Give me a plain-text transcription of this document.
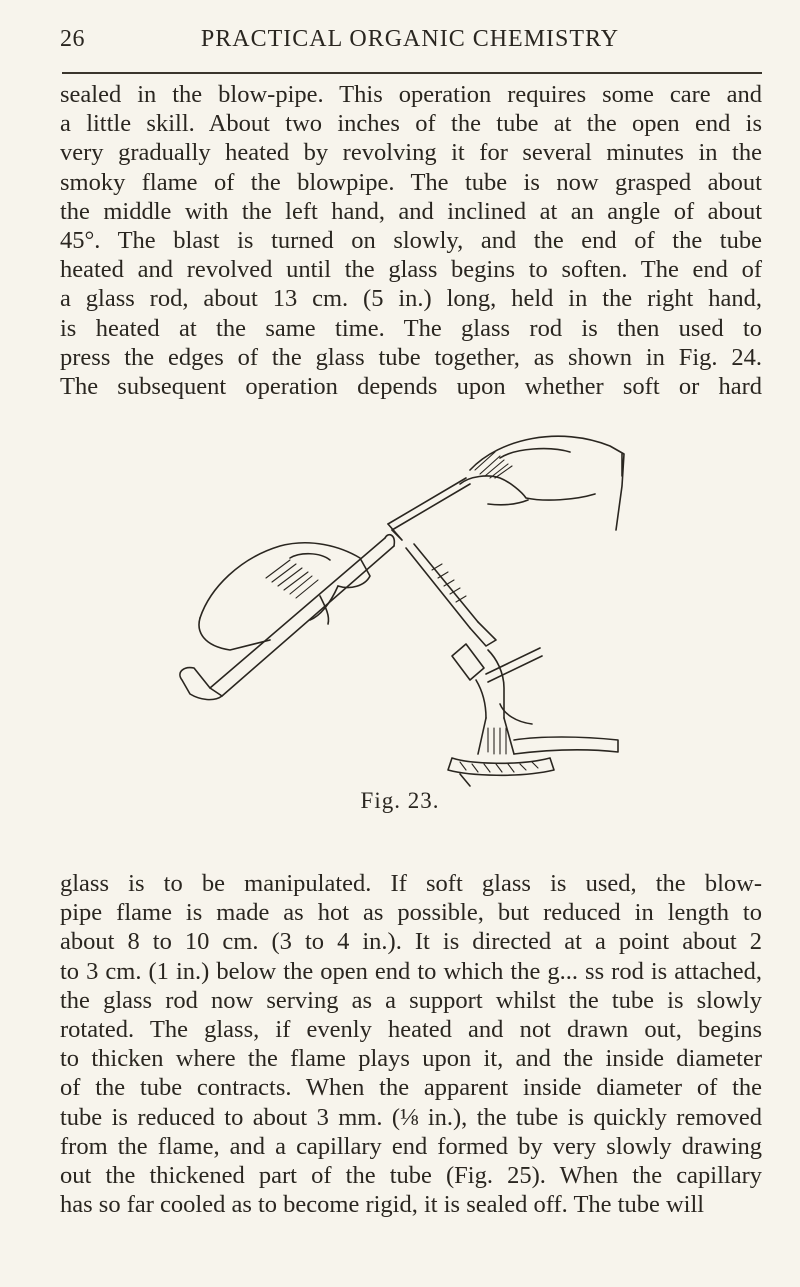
26	PRACTICAL ORGANIC CHEMISTRY
sealed in the blow-pipe. This operation requires some care and
a little skill. About two inches of the tube at the open end is
very gradually heated by revolving it for several minutes in the
smoky flame of the blowpipe. The tube is now grasped about
the middle with the left hand, and inclined at an angle of about
45°. The blast is turned on slowly, and the end of the tube
heated and revolved until the glass begins to soften. The end of
a glass rod, about 13 cm. (5 in.) long, held in the right hand,
is heated at the same time. The glass rod is then used to
press the edges of the glass tube together, as shown in Fig. 24.
The subsequent operation depends upon whether soft or hard
Fig. 23.
glass is to be manipulated. If soft glass is used, the blow-
pipe flame is made as hot as possible, but reduced in length to
about 8 to 10 cm. (3 to 4 in.). It is directed at a point about 2
to 3 cm. (1 in.) below the open end to which the g... ss rod is attached,
the glass rod now serving as a support whilst the tube is slowly
rotated. The glass, if evenly heated and not drawn out, begins
to thicken where the flame plays upon it, and the inside diameter
of the tube contracts. When the apparent inside diameter of the
tube is reduced to about 3 mm. (⅛ in.), the tube is quickly removed
from the flame, and a capillary end formed by very slowly drawing
out the thickened part of the tube (Fig. 25). When the capillary
has so far cooled as to become rigid, it is sealed off. The tube will
